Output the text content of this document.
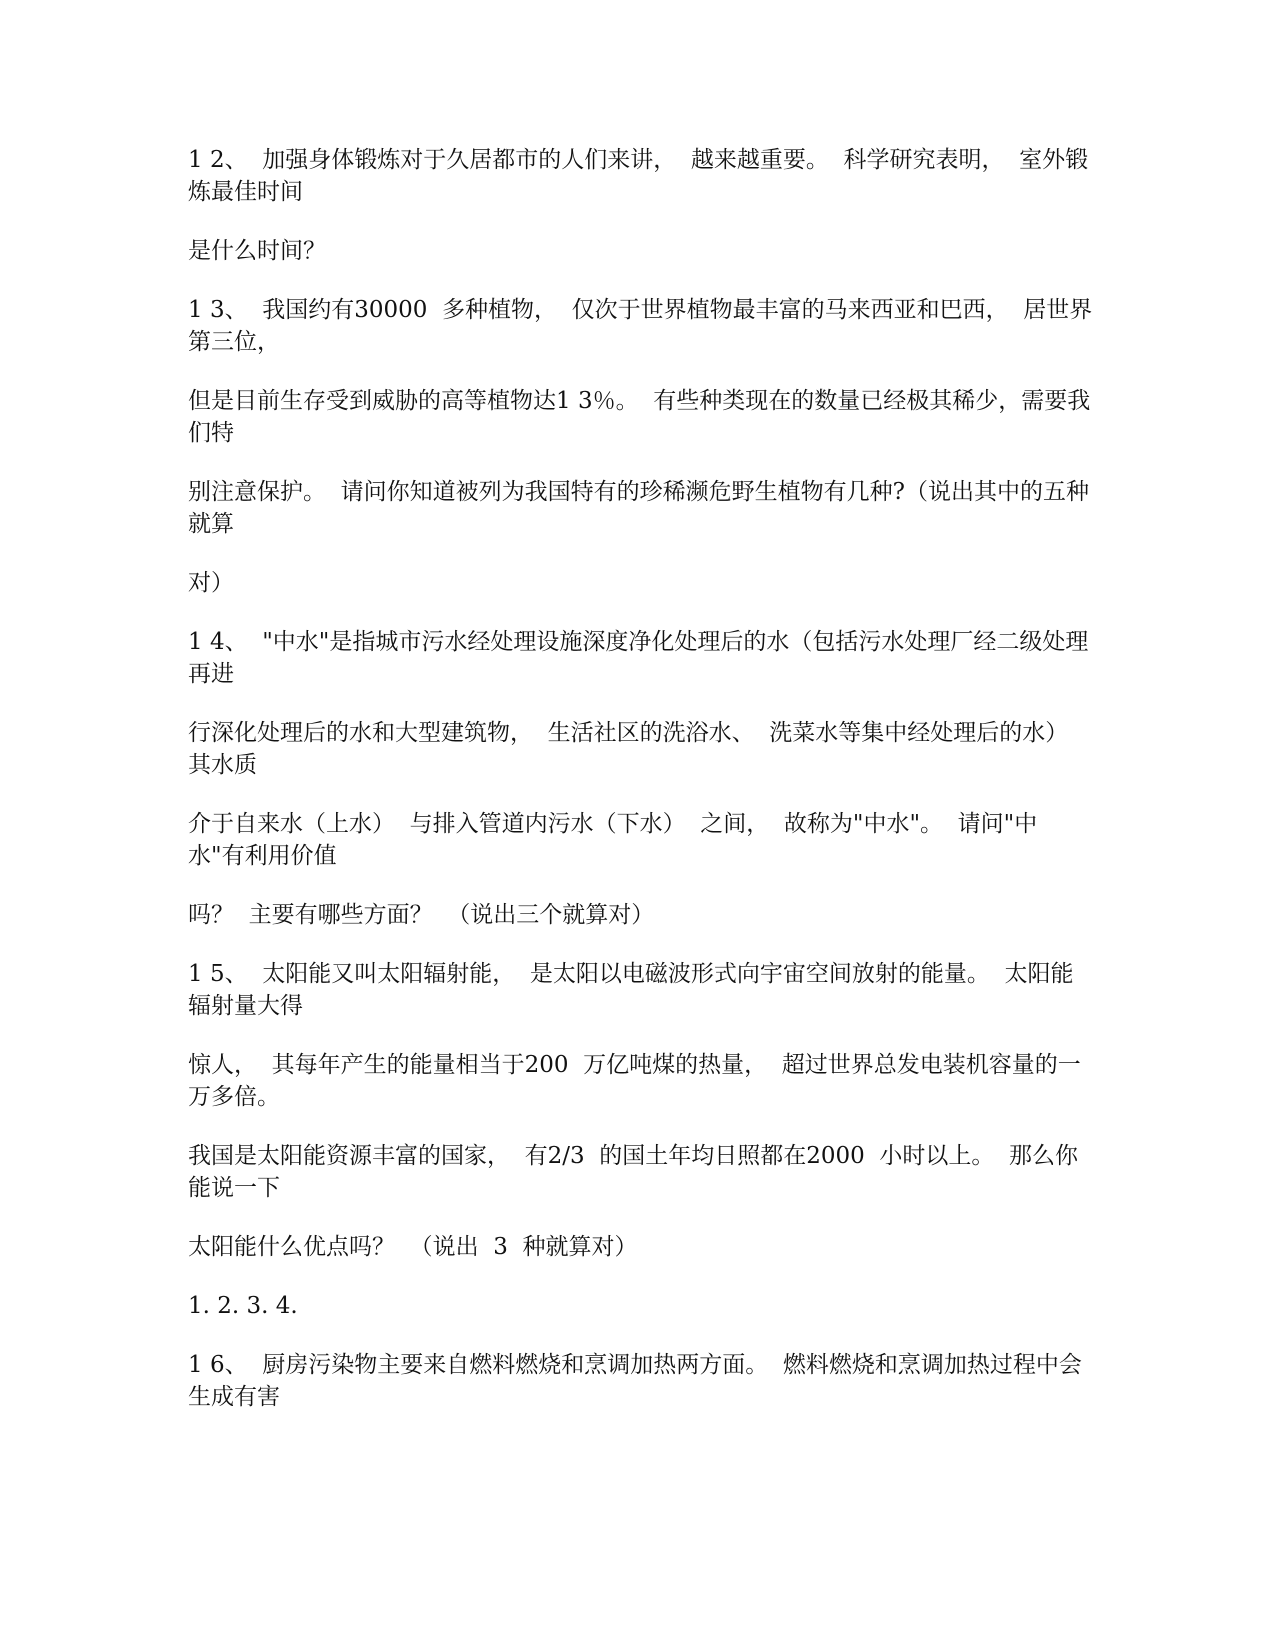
1 2、  加强身体锻炼对于久居都市的人们来讲，  越来越重要。  科学研究表明，  室外锻炼最佳时间

是什么时间？

1 3、  我国约有30000  多种植物，  仅次于世界植物最丰富的马来西亚和巴西，  居世界第三位，

但是目前生存受到威胁的高等植物达1 3％。  有些种类现在的数量已经极其稀少，需要我们特

别注意保护。  请问你知道被列为我国特有的珍稀濒危野生植物有几种?（说出其中的五种就算

对）

1 4、  "中水"是指城市污水经处理设施深度净化处理后的水（包括污水处理厂经二级处理再进

行深化处理后的水和大型建筑物，  生活社区的洗浴水、  洗菜水等集中经处理后的水）  其水质

介于自来水（上水）  与排入管道内污水（下水）  之间，  故称为"中水"。  请问"中水"有利用价值

吗？  主要有哪些方面？  （说出三个就算对）

1 5、  太阳能又叫太阳辐射能，  是太阳以电磁波形式向宇宙空间放射的能量。  太阳能辐射量大得

惊人，  其每年产生的能量相当于200  万亿吨煤的热量，  超过世界总发电装机容量的一万多倍。

我国是太阳能资源丰富的国家，  有2/3  的国土年均日照都在2000  小时以上。  那么你能说一下

太阳能什么优点吗？  （说出  3  种就算对）

1. 2. 3. 4.

1 6、  厨房污染物主要来自燃料燃烧和烹调加热两方面。  燃料燃烧和烹调加热过程中会生成有害
